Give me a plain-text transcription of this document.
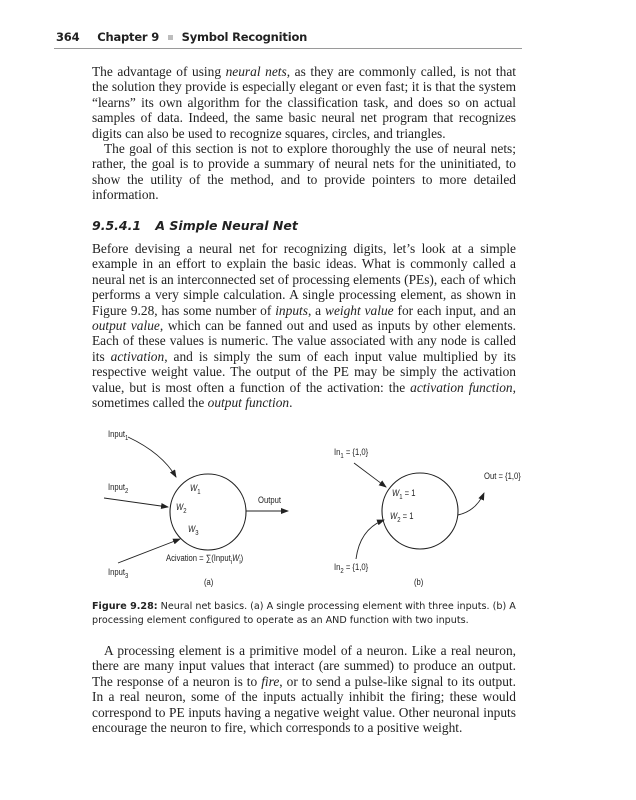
364 Chapter 9 Symbol Recognition

The advantage of using neural nets, as they are commonly called, is not that the solution they provide is especially elegant or even fast; it is that the system “learns” its own algorithm for the classification task, and does so on actual samples of data. Indeed, the same basic neural net program that recognizes digits can also be used to recognize squares, circles, and triangles.

The goal of this section is not to explore thoroughly the use of neural nets; rather, the goal is to provide a summary of neural nets for the uninitiated, to show the utility of the method, and to provide pointers to more detailed information.

9.5.4.1 A Simple Neural Net

Before devising a neural net for recognizing digits, let’s look at a simple example in an effort to explain the basic ideas. What is commonly called a neural net is an interconnected set of processing elements (PEs), each of which performs a very simple calculation. A single processing element, as shown in Figure 9.28, has some number of inputs, a weight value for each input, and an output value, which can be fanned out and used as inputs by other elements. Each of these values is numeric. The value associated with any node is called its activation, and is simply the sum of each input value multiplied by its respective weight value. The output of the PE may be simply the activation value, but is most often a function of the activation: the activation function, sometimes called the output function.

Input$_1$
Input$_2$
Input$_3$
$W_1$
$W_2$
$W_3$
Output
Acivation = $\sum(Input_iW_i)$
(a)
$In_1 = \{1,0\}$
Out = {1,0}
$W_1 = 1$
$W_2 = 1$
$In_2 = \{1,0\}$
(b)
Figure 9.28: Neural net basics. (a) A single processing element with three inputs. (b) A processing element configured to operate as an AND function with two inputs.

A processing element is a primitive model of a neuron. Like a real neuron, there are many input values that interact (are summed) to produce an output. The response of a neuron is to fire, or to send a pulse-like signal to its output. In a real neuron, some of the inputs actually inhibit the firing; these would correspond to PE inputs having a negative weight value. Other neuronal inputs encourage the neuron to fire, which corresponds to a positive weight.
